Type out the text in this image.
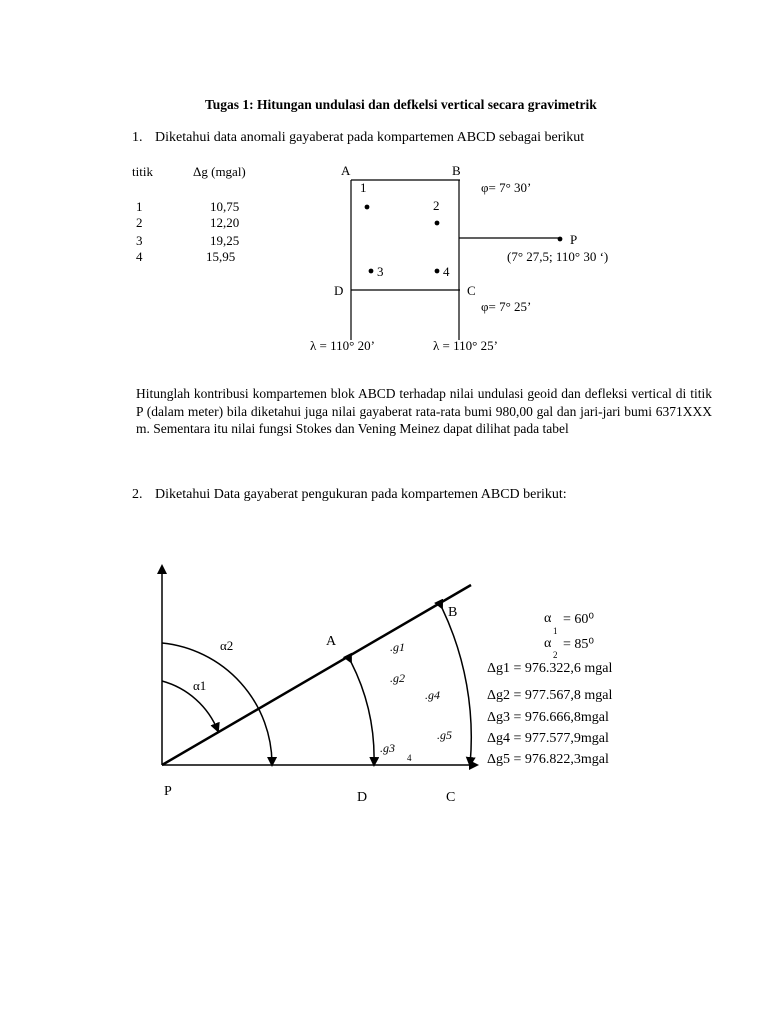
Tugas 1: Hitungan undulasi dan defkelsi vertical secara gravimetrik
1. Diketahui data anomali gayaberat pada kompartemen ABCD sebagai berikut
titik	Δg (mgal)
1	10,75
2	12,20
3	19,25
4	15,95
A	B
D	C
1
2
3	4
P
φ= 7° 30’
φ= 7° 25’
(7° 27,5; 110° 30 ‘)
λ = 110° 20’	λ = 110° 25’
Hitunglah kontribusi kompartemen blok ABCD terhadap nilai undulasi geoid dan defleksi vertical di titik P (dalam meter) bila diketahui juga nilai gayaberat rata-rata bumi 980,00 gal dan jari-jari bumi 6371XXX m. Sementara itu nilai fungsi Stokes dan Vening Meinez dapat dilihat pada tabel
2. Diketahui Data gayaberat pengukuran pada kompartemen ABCD berikut:
α1
α2	A
B
.g1
.g2
.g4
.g5
.g3
4
P	D	C
α
1
= 60⁰
α
2
= 85⁰
Δg1 = 976.322,6 mgal
Δg2 = 977.567,8 mgal
Δg3 = 976.666,8mgal
Δg4 = 977.577,9mgal
Δg5 = 976.822,3mgal
